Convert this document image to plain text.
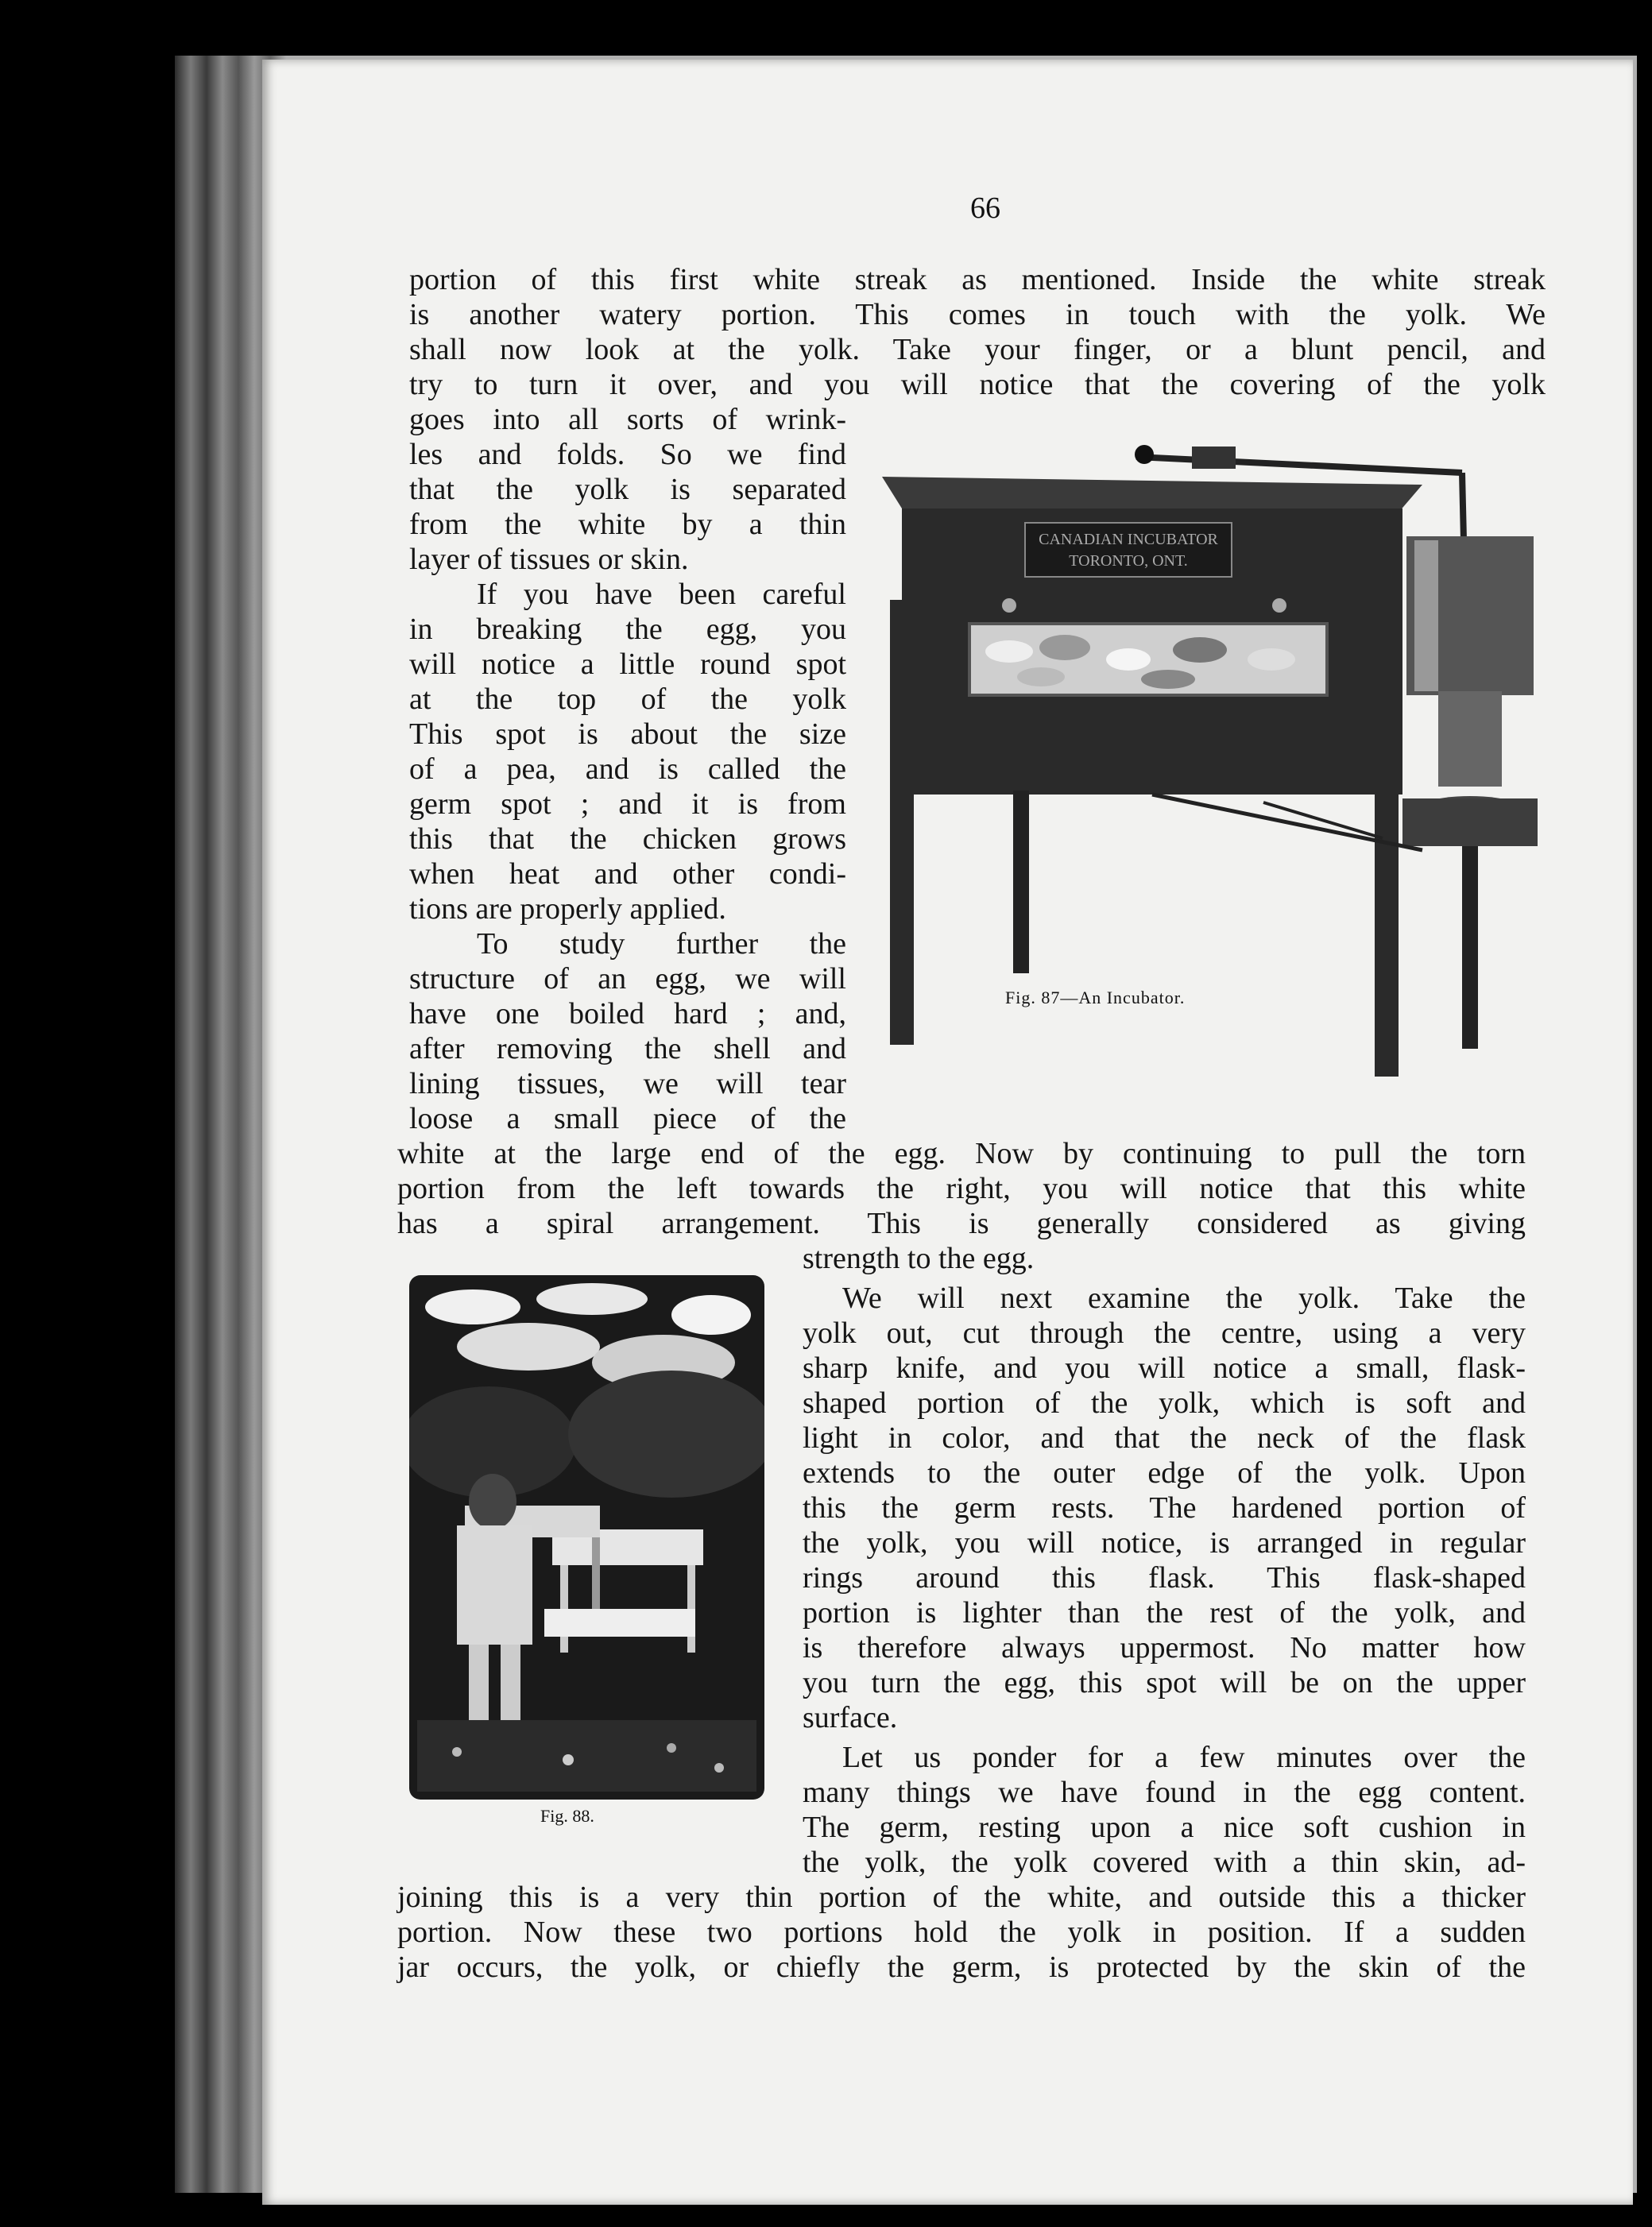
66
portion of this first white streak as mentioned. Inside the white streak
is another watery portion. This comes in touch with the yolk. We
shall now look at the yolk. Take your finger, or a blunt pencil, and
try to turn it over, and you will notice that the covering of the yolk
goes into all sorts of wrink-
les and folds. So we find
that the yolk is separated
from the white by a thin
layer of tissues or skin.
If you have been careful
in breaking the egg, you
will notice a little round spot
at the top of the yolk
This spot is about the size
of a pea, and is called the
germ spot ; and it is from
this that the chicken grows
when heat and other condi-
tions are properly applied.
To study further the
structure of an egg, we will
have one boiled hard ; and,
after removing the shell and
lining tissues, we will tear
loose a small piece of the
white at the large end of the egg. Now by continuing to pull the torn
portion from the left towards the right, you will notice that this white
has a spiral arrangement. This is generally considered as giving
strength to the egg.
We will next examine the yolk. Take the
yolk out, cut through the centre, using a very
sharp knife, and you will notice a small, flask-
shaped portion of the yolk, which is soft and
light in color, and that the neck of the flask
extends to the outer edge of the yolk. Upon
this the germ rests. The hardened portion of
the yolk, you will notice, is arranged in regular
rings around this flask. This flask-shaped
portion is lighter than the rest of the yolk, and
is therefore always uppermost. No matter how
you turn the egg, this spot will be on the upper
surface.
Let us ponder for a few minutes over the
many things we have found in the egg content.
The germ, resting upon a nice soft cushion in
the yolk, the yolk covered with a thin skin, ad-
joining this is a very thin portion of the white, and outside this a thicker
portion. Now these two portions hold the yolk in position. If a sudden
jar occurs, the yolk, or chiefly the germ, is protected by the skin of the
CANADIAN INCUBATOR
TORONTO, ONT.
Fig. 87—An Incubator.
Fig. 88.
